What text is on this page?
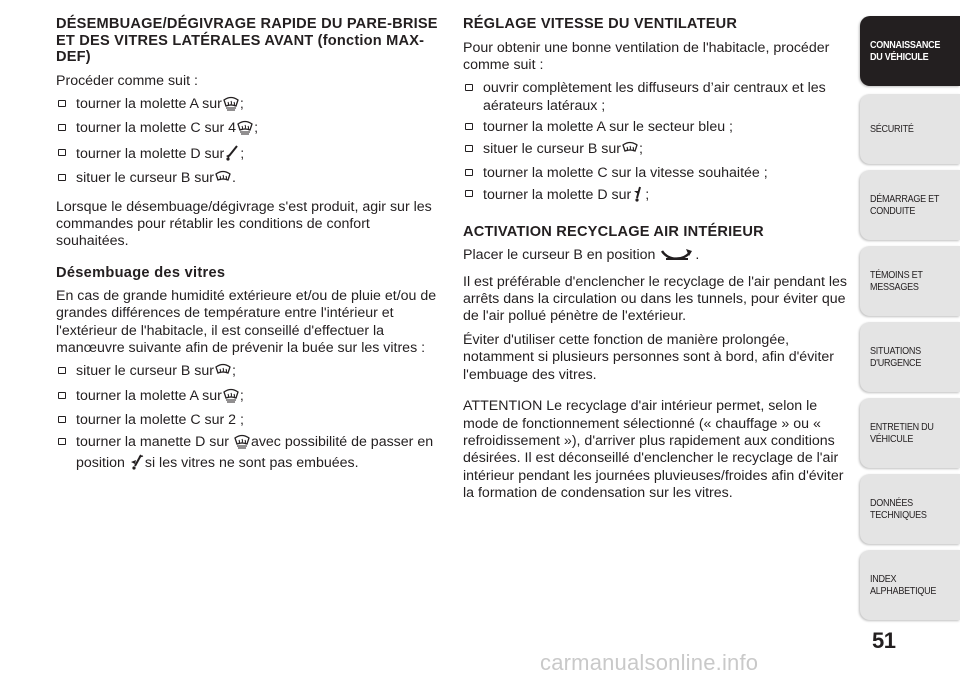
DÉSEMBUAGE/DÉGIVRAGE RAPIDE DU PARE-BRISE ET DES VITRES LATÉRALES AVANT (fonction MAX-DEF)

Procéder comme suit :

tourner la molette A sur ;
tourner la molette C sur 4 ;
tourner la molette D sur ;
situer le curseur B sur .

Lorsque le désembuage/dégivrage s'est produit, agir sur les commandes pour rétablir les conditions de confort souhaitées.

Désembuage des vitres

En cas de grande humidité extérieure et/ou de pluie et/ou de grandes différences de température entre l'intérieur et l'extérieur de l'habitacle, il est conseillé d'effectuer la manœuvre suivante afin de prévenir la buée sur les vitres :

situer le curseur B sur ;
tourner la molette A sur ;
tourner la molette C sur 2 ;
tourner la manette D sur avec possibilité de passer en position si les vitres ne sont pas embuées.
RÉGLAGE VITESSE DU VENTILATEUR

Pour obtenir une bonne ventilation de l'habitacle, procéder comme suit :

ouvrir complètement les diffuseurs d’air centraux et les aérateurs latéraux ;
tourner la molette A sur le secteur bleu ;
situer le curseur B sur ;
tourner la molette C sur la vitesse souhaitée ;
tourner la molette D sur ;
ACTIVATION RECYCLAGE AIR INTÉRIEUR

Placer le curseur B en position	.

Il est préférable d'enclencher le recyclage de l'air pendant les arrêts dans la circulation ou dans les tunnels, pour éviter que de l'air pollué pénètre de l'extérieur.

Éviter d'utiliser cette fonction de manière prolongée, notamment si plusieurs personnes sont à bord, afin d'éviter l'embuage des vitres.

ATTENTION Le recyclage d'air intérieur permet, selon le mode de fonctionnement sélectionné (« chauffage » ou « refroidissement »), d'arriver plus rapidement aux conditions désirées. Il est déconseillé d'enclencher le recyclage de l'air intérieur pendant les journées pluvieuses/froides afin d'éviter la formation de condensation sur les vitres.

CONNAISSANCE
DU VÉHICULE
SÉCURITÉ
DÉMARRAGE ET
CONDUITE
TÉMOINS ET
MESSAGES
SITUATIONS
D'URGENCE
ENTRETIEN DU
VÉHICULE
DONNÉES
TECHNIQUES
INDEX
ALPHABETIQUE
51
carmanualsonline.info
